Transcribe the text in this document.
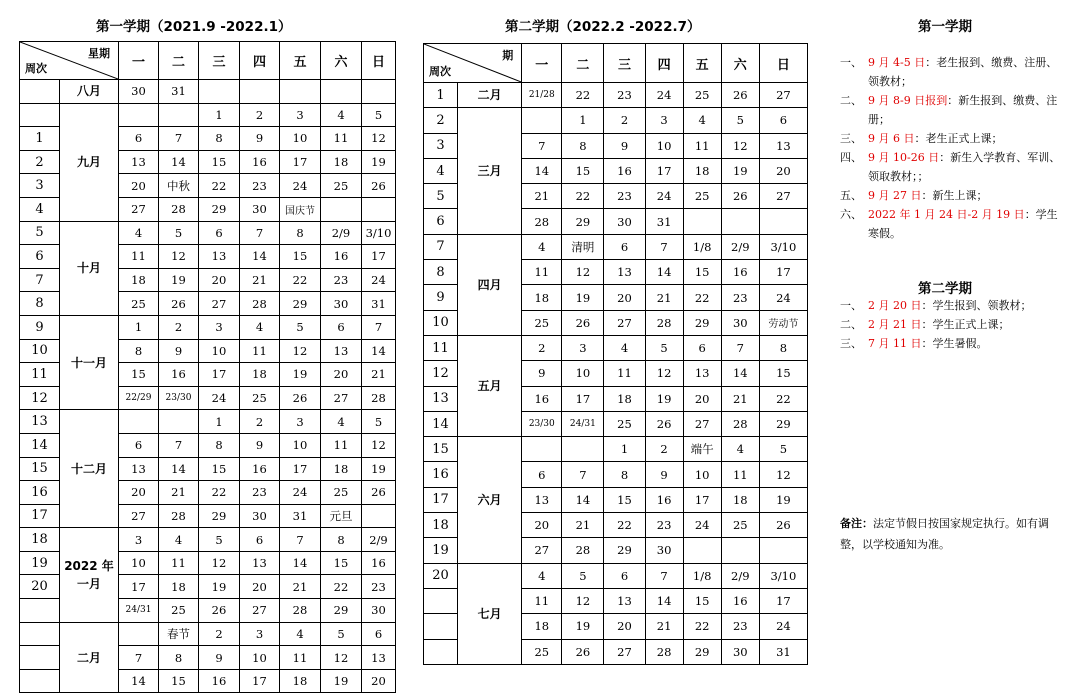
第一学期（2021.9 -2022.1）
星期
周次		一	二	三	四	五	六	日
	八月	30	31					
	九月			1	2	3	4	5
1		6	7	8	9	10	11	12
2		13	14	15	16	17	18	19
3		20	中秋	22	23	24	25	26
4		27	28	29	30	国庆节		
5	十月	4	5	6	7	8	2/9	3/10
6		11	12	13	14	15	16	17
7		18	19	20	21	22	23	24
8		25	26	27	28	29	30	31
9	十一月	1	2	3	4	5	6	7
10		8	9	10	11	12	13	14
11		15	16	17	18	19	20	21
12		22/29	23/30	24	25	26	27	28
13	十二月			1	2	3	4	5
14		6	7	8	9	10	11	12
15		13	14	15	16	17	18	19
16		20	21	22	23	24	25	26
17		27	28	29	30	31	元旦	
18	2022 年
一月	3	4	5	6	7	8	2/9
19		10	11	12	13	14	15	16
20		17	18	19	20	21	22	23
		24/31	25	26	27	28	29	30
	二月		春节	2	3	4	5	6
		7	8	9	10	11	12	13
		14	15	16	17	18	19	20
第二学期（2022.2 -2022.7）
期
周次		一	二	三	四	五	六	日
1	二月	21/28	22	23	24	25	26	27
2	三月		1	2	3	4	5	6
3		7	8	9	10	11	12	13
4		14	15	16	17	18	19	20
5		21	22	23	24	25	26	27
6		28	29	30	31			
7	四月	4	清明	6	7	1/8	2/9	3/10
8		11	12	13	14	15	16	17
9		18	19	20	21	22	23	24
10		25	26	27	28	29	30	劳动节
11	五月	2	3	4	5	6	7	8
12		9	10	11	12	13	14	15
13		16	17	18	19	20	21	22
14		23/30	24/31	25	26	27	28	29
15	六月			1	2	端午	4	5
16		6	7	8	9	10	11	12
17		13	14	15	16	17	18	19
18		20	21	22	23	24	25	26
19		27	28	29	30			
20	七月	4	5	6	7	1/8	2/9	3/10
		11	12	13	14	15	16	17
		18	19	20	21	22	23	24
		25	26	27	28	29	30	31
第一学期
一、 9 月 4-5 日：老生报到、缴费、注册、领教材；
二、 9 月 8-9 日报到：新生报到、缴费、注册；
三、 9 月 6 日：老生正式上课；
四、 9 月 10-26 日：新生入学教育、军训、领取教材；；
五、 9 月 27 日：新生上课；
六、 2022 年 1 月 24 日-2 月 19 日：学生寒假。
第二学期
一、 2 月 20 日：学生报到、领教材；
二、 2 月 21 日：学生正式上课；
三、 7 月 11 日：学生暑假。
备注：法定节假日按国家规定执行。如有调整，以学校通知为准。
